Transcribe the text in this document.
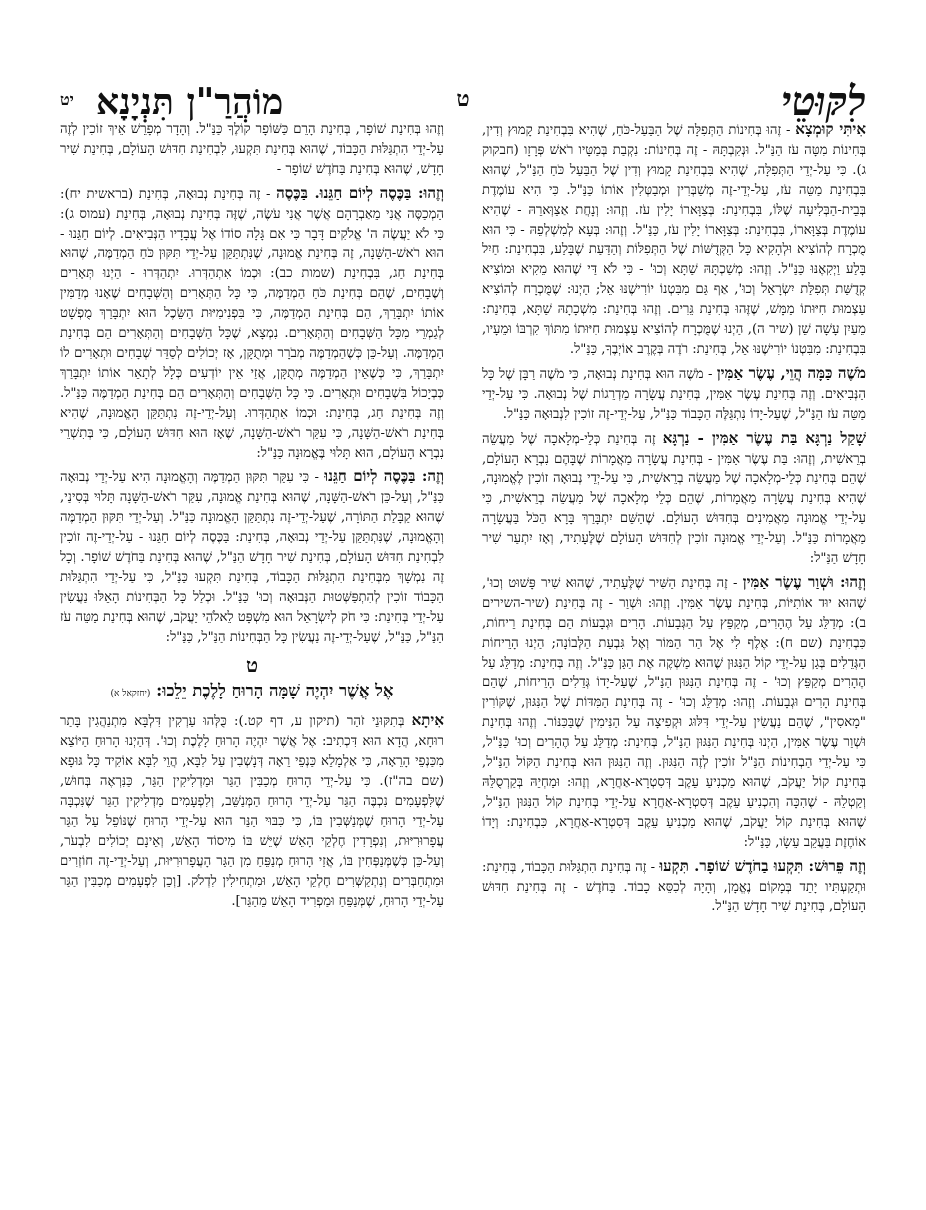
לִקּוּטֵי
ט
מוֹהֲרַ"ן תִּנְיָנָא
יט

אִיתִּי קוּמְצָא - זֶהוּ בְּחִינוֹת הַתְּפִלָּה שֶׁל הַבַּעַל-כֹּחַ, שֶׁהִיא בִּבְחִינַת קָמוּץ וְדִין, בְּחִינוֹת מִטָּה עֹז הַנַּ"ל. וּנְקִבְתָּהּ - זֶה בְּחִינוֹת: נִקְבַת בְּמַטָּיו רֹאשׁ פְּרָזָו (חבקוק ג). כִּי עַל-יְדֵי הַתְּפִלָּה, שֶׁהִיא בִּבְחִינַת קָמוּץ וְדִין שֶׁל הַבַּעַל כֹּחַ הַנַּ"ל, שֶׁהוּא בִּבְחִינַת מַטֵּה עֹז, עַל-יְדֵי-זֶה מְשַׁבְּרִין וּמְבַטְּלִין אוֹתוֹ כַּנַּ"ל. כִּי הִיא עוֹמֶדֶת בְּבֵית-הַבְּלִיעָה שֶׁלּוֹ, בִּבְחִינַת: בְּצַוָּארוֹ יָלִין עֹז. וְזֶהוּ: וְנָחֲת אַצַוְּארֵהּ - שֶׁהִיא עוֹמֶדֶת בְּצַוָּארוֹ, בִּבְחִינַת: בְּצַוָּארוֹ יָלִין עֹז, כַּנַּ"ל. וְזֶהוּ: בְּעָא לְמִשְׁלְפֵהּ - כִּי הוּא מֻכְרָח לְהוֹצִיא וּלְהָקִיא כָּל הַקְּדֻשּׁוֹת שֶׁל הַתְּפִלּוֹת וְהַדַּעַת שֶׁבָּלַע, בִּבְחִינַת: חַיִל בָּלַע וַיְקִאֶנּוּ כַּנַּ"ל. וְזֶהוּ: מְשַׁכְתָּהּ שַׁתָּא וְכוּ' - כִּי לֹא דַּי שֶׁהוּא מֵקִיא וּמוֹצִיא קְדֻשַּׁת תְּפִלַּת יִשְׂרָאֵל וְכוּ', אַף גַּם מִבִּטְנוֹ יוֹרִישֶׁנּוּ אֵל; הַיְנוּ: שֶׁמֻּכְרָח לְהוֹצִיא עַצְמוּת חִיּוּתוֹ מַמָּשׁ, שֶׁזֶּהוּ בְּחִינַת גֵּרִים. וְזֶהוּ בְּחִינַת: מִשְׁכָתָהּ שַׁתָּא, בְּחִינַת: מֵעַיִן עָשָׁה שֵׁן (שיר ה), הַיְנוּ שֶׁמֻּכְרָח לְהוֹצִיא עַצְמוּת חִיּוּתוֹ מִתּוֹךְ קִרְבּוֹ וּמֵעָיו, בִּבְחִינַת: מִבִּטְנוֹ יוֹרִישֶׁנּוּ אֵל, בְּחִינַת: רֹדֶה בְּקֶרֶב אוֹיְבֶךָ, כַּנַּ"ל.

מֹשֶׁה כַּמָּה הֲוֵי, עֶשֶׂר אַמִּין - מֹשֶׁה הוּא בְּחִינַת נְבוּאָה, כִּי מֹשֶׁה רַבָּן שֶׁל כָּל הַנְּבִיאִים. וְזֶה בְּחִינַת עֶשֶׂר אַמִּין, בְּחִינַת עֲשָׂרָה מַדְרֵגוֹת שֶׁל נְבוּאָה. כִּי עַל-יְדֵי מַטֵּה עֹז הַנַּ"ל, שֶׁעַל-יָדוֹ נִתְגַּלֶּה הַכָּבוֹד כַּנַּ"ל, עַל-יְדֵי-זֶה זוֹכִין לִנְבוּאָה כַּנַּ"ל.

שָׁקַל נַרְגָּא בַּת עֶשֶׂר אַמִּין - נַרְגָּא זֶה בְּחִינַת כְּלֵי-מְלָאכָה שֶׁל מַעֲשֵׂה בְרֵאשִׁית, וְזֶהוּ: בַּת עֶשֶׂר אַמִּין - בְּחִינַת עֲשָׂרָה מַאֲמָרוֹת שֶׁבָּהֶם נִבְרָא הָעוֹלָם, שֶׁהֵם בְּחִינַת כְּלֵי-מְלָאכָה שֶׁל מַעֲשֵׂה בְרֵאשִׁית, כִּי עַל-יְדֵי נְבוּאָה זוֹכִין לֶאֱמוּנָה, שֶׁהִיא בְּחִינַת עֲשָׂרָה מַאֲמָרוֹת, שֶׁהֵם כְּלֵי מְלָאכָה שֶׁל מַעֲשֵׂה בְרֵאשִׁית, כִּי עַל-יְדֵי אֱמוּנָה מַאֲמִינִים בְּחִדּוּשׁ הָעוֹלָם. שֶׁהַשֵּׁם יִתְבָּרַךְ בָּרָא הַכֹּל בַּעֲשָׂרָה מַאֲמָרוֹת כַּנַּ"ל. וְעַל-יְדֵי אֱמוּנָה זוֹכִין לְחִדּוּשׁ הָעוֹלָם שֶׁלֶּעָתִיד, וְאָז יִתְעַר שִׁיר חָדָשׁ הַנַּ"ל:

וְזֶהוּ: וּשְׁוַר עֶשֶׂר אַמִּין - זֶה בְּחִינַת הַשִּׁיר שֶׁלֶּעָתִיד, שֶׁהוּא שִׁיר פָּשׁוּט וְכוּ', שֶׁהוּא יוּד אוֹתִיּוֹת, בְּחִינַת עֶשֶׂר אַמִּין. וְזֶהוּ: וּשְׁוַר - זֶה בְּחִינַת (שיר-השירים ב): מְדַלֵּג עַל הֶהָרִים, מְקַפֵּץ עַל הַגְּבָעוֹת. הָרִים וּגְבָעוֹת הֵם בְּחִינַת רֵיחוֹת, כִּבְחִינַת (שם ח): אֶלֶף לִי אֶל הַר הַמּוֹר וְאֶל גִּבְעַת הַלְּבוֹנָה; הַיְנוּ הָרֵיחוֹת הַגְּדֵלִים בְּגַן עַל-יְדֵי קוֹל הַנִּגּוּן שֶׁהוּא מַשְׁקֶה אֶת הַגַּן כַּנַּ"ל. וְזֶה בְּחִינַת: מְדַלֵּג עַל הֶהָרִים מְקַפֵּץ וְכוּ' - זֶה בְּחִינַת הַנִּגּוּן הַנַּ"ל, שֶׁעַל-יָדוֹ גְּדֵלִים הָרֵיחוֹת, שֶׁהֵם בְּחִינַת הָרִים וּגְבָעוֹת. וְזֶהוּ: מְדַלֵּג וְכוּ' - זֶה בְּחִינַת הַמִּדּוֹת שֶׁל הַנִּגּוּן, שֶׁקּוֹרִין "מָאסִין", שֶׁהֵם נַעֲשִׂין עַל-יְדֵי דִּלּוּג וּקְפִיצָה עַל הַנִּימִין שֶׁבַּכִּנּוֹר. וְזֶהוּ בְּחִינַת וּשְׁוַר עֶשֶׂר אַמִּין, הַיְנוּ בְּחִינַת הַנִּגּוּן הַנַּ"ל, בְּחִינַת: מְדַלֵּג עַל הֶהָרִים וְכוּ' כַּנַּ"ל, כִּי עַל-יְדֵי הַבְחִינוֹת הַנַּ"ל זוֹכִין לְזֶה הַנִּגּוּן. וְזֶה הַנִּגּוּן הוּא בְּחִינַת הַקּוֹל הַנַּ"ל, בְּחִינַת קוֹל יַעֲקֹב, שֶׁהוּא מַכְנִיעַ עֵקֶב דְּסִטְרָא-אַחֲרָא, וְזֶהוּ: וּמַחְיֵהּ בְּקַרְסֻלֵּהּ וְקַטְלֵהּ - שֶׁהִכָּה וְהִכְנִיעַ עֵקֶב דְּסִטְרָא-אַחֲרָא עַל-יְדֵי בְּחִינַת קוֹל הַנִּגּוּן הַנַּ"ל, שֶׁהוּא בְּחִינַת קוֹל יַעֲקֹב, שֶׁהוּא מַכְנִיעַ עֵקֶב דְּסִטְרָא-אַחֲרָא, כִּבְחִינַת: וְיָדוֹ אוֹחֶזֶת בַּעֲקֵב עֵשָׂו, כַּנַּ"ל:

וְזֶה פֵּרוּשׁ: תִּקְעוּ בַחֹדֶשׁ שׁוֹפָר. תִּקְעוּ - זֶה בְּחִינַת הִתְגַּלּוּת הַכָּבוֹד, בְּחִינַת: וּתְקַעְתִּיו יָתֵד בְּמָקוֹם נֶאֱמָן, וְהָיָה לְכִסֵּא כָבוֹד. בַּחֹדֶשׁ - זֶה בְּחִינַת חִדּוּשׁ הָעוֹלָם, בְּחִינַת שִׁיר חָדָשׁ הַנַּ"ל.

וְזֶהוּ בְּחִינַת שׁוֹפָר, בְּחִינַת הָרֵם כַּשּׁוֹפָר קוֹלֶךָ כַּנַּ"ל. וְהָדָר מְפָרֵשׁ אֵיךְ זוֹכִין לְזֶה עַל-יְדֵי הִתְגַּלּוּת הַכָּבוֹד, שֶׁהוּא בְּחִינַת תִּקְעוּ, לִבְחִינַת חִדּוּשׁ הָעוֹלָם, בְּחִינַת שִׁיר חָדָשׁ, שֶׁהוּא בְּחִינַת בַּחֹדֶשׁ שׁוֹפָר -

וְזֶהוּ: בַּכֶּסֶה לְיוֹם חַגֵּנוּ. בַּכֶּסֶה - זֶה בְּחִינַת נְבוּאָה, בְּחִינַת (בראשית יח): הַמְכַסֶּה אֲנִי מֵאַבְרָהָם אֲשֶׁר אֲנִי עֹשֶׂה, שֶׁזֶּה בְּחִינַת נְבוּאָה, בְּחִינַת (עמוס ג): כִּי לֹא יַעֲשֶׂה ה' אֱלֹקִים דָּבָר כִּי אִם גָּלָה סוֹדוֹ אֶל עֲבָדָיו הַנְּבִיאִים. לְיוֹם חַגֵּנוּ - הוּא רֹאשׁ-הַשָּׁנָה, זֶה בְּחִינַת אֱמוּנָה, שֶׁנִּתְתַּקֵּן עַל-יְדֵי תִּקּוּן כֹּחַ הַמְדַמֶּה, שֶׁהוּא בְּחִינַת חַג, בִּבְחִינַת (שמות כב): וּכְמוֹ אִתְהַדְּרוּ. יִתְהַדְּרוּ - הַיְנוּ תְּאָרִים וְשֶׁבָחִים, שֶׁהֵם בְּחִינַת כֹּחַ הַמְדַמֶּה, כִּי כָּל הַתְּאָרִים וְהַשְּׁבָחִים שֶׁאָנוּ מְדַמִּין אוֹתוֹ יִתְבָּרַךְ, הֵם בְּחִינַת הַמְדַמֶּה, כִּי בִּפְנִימִיּוּת הַשֵּׂכֶל הוּא יִתְבָּרַךְ מֻפְשָׁט לְגַמְרֵי מִכָּל הַשְּׁבָחִים וְהַתְּאָרִים. נִמְצָא, שֶׁכָּל הַשְּׁבָחִים וְהַתְּאָרִים הֵם בְּחִינַת הַמְדַמֶּה. וְעַל-כֵּן כְּשֶׁהַמְדַמֶּה מְבֹרָר וּמְתֻקָּן, אָז יְכוֹלִים לְסַדֵּר שְׁבָחִים וּתְאָרִים לוֹ יִתְבָּרַךְ, כִּי כְּשֶׁאֵין הַמְדַמֶּה מְתֻקָּן, אֲזַי אֵין יוֹדְעִים כְּלָל לְתָאֵר אוֹתוֹ יִתְבָּרַךְ כְּבְיָכוֹל בִּשְׁבָחִים וּתְאָרִים. כִּי כָּל הַשְּׁבָחִים וְהַתְּאָרִים הֵם בְּחִינַת הַמְדַמֶּה כַּנַּ"ל. וְזֶה בְּחִינַת חַג, בְּחִינַת: וּכְמוֹ אִתְהַדְּרוּ. וְעַל-יְדֵי-זֶה נִתְתַּקֵּן הָאֱמוּנָה, שֶׁהִיא בְּחִינַת רֹאשׁ-הַשָּׁנָה, כִּי עִקַּר רֹאשׁ-הַשָּׁנָה, שֶׁאָז הוּא חִדּוּשׁ הָעוֹלָם, כִּי בְּתִשְׁרֵי נִבְרָא הָעוֹלָם, הוּא תָּלוּי בֶּאֱמוּנָה כַּנַּ"ל:

וְזֶה: בַּכֶּסֶה לְיוֹם חַגֵּנוּ - כִּי עִקַּר תִּקּוּן הַמְדַמֶּה וְהָאֱמוּנָה הִיא עַל-יְדֵי נְבוּאָה כַּנַּ"ל, וְעַל-כֵּן רֹאשׁ-הַשָּׁנָה, שֶׁהוּא בְּחִינַת אֱמוּנָה, עִקַּר רֹאשׁ-הַשָּׁנָה תָּלוּי בְּסִינַי, שֶׁהוּא קַבָּלַת הַתּוֹרָה, שֶׁעַל-יְדֵי-זֶה נִתְתַּקֵּן הָאֱמוּנָה כַּנַּ"ל. וְעַל-יְדֵי תִּקּוּן הַמְדַמֶּה וְהָאֱמוּנָה, שֶׁנִּתְתַּקֵּן עַל-יְדֵי נְבוּאָה, בְּחִינַת: בַּכֶּסֶה לְיוֹם חַגֵּנוּ - עַל-יְדֵי-זֶה זוֹכִין לִבְחִינַת חִדּוּשׁ הָעוֹלָם, בְּחִינַת שִׁיר חָדָשׁ הַנַּ"ל, שֶׁהוּא בְּחִינַת בַּחֹדֶשׁ שׁוֹפָר. וְכָל זֶה נִמְשָׁךְ מִבְּחִינַת הִתְגַּלּוּת הַכָּבוֹד, בְּחִינַת תִּקְעוּ כַּנַּ"ל, כִּי עַל-יְדֵי הִתְגַּלּוּת הַכָּבוֹד זוֹכִין לְהִתְפַּשְּׁטוּת הַנְּבוּאָה וְכוּ' כַּנַּ"ל. וּכְלַל כָּל הַבְּחִינוֹת הָאֵלּוּ נַעֲשִׂין עַל-יְדֵי בְּחִינַת: כִּי חֹק לְיִשְׂרָאֵל הוּא מִשְׁפָּט לֵאלֹהֵי יַעֲקֹב, שֶׁהוּא בְּחִינַת מַטֵּה עֹז הַנַּ"ל, כַּנַּ"ל, שֶׁעַל-יְדֵי-זֶה נַעֲשִׂין כָּל הַבְּחִינוֹת הַנַּ"ל, כַּנַּ"ל:

ט
אֶל אֲשֶׁר יִהְיֶה שָׁמָּה הָרוּחַ לָלֶכֶת יֵלֵכוּ: (יחזקאל א)

אִיתָא בְּתִקּוּנֵי זֹהַר (תיקון ע, דף קט.): כֻּלְּהוּ עַרְקִין דִּלְבָּא מִתְנַהֲגִין בָּתַר רוּחָא, הֲדָא הוּא דִּכְתִיב: אֶל אֲשֶׁר יִהְיֶה הָרוּחַ לָלֶכֶת וְכוּ'. דְּהַיְנוּ הָרוּחַ הַיּוֹצֵא מִכַּנְפֵי הָרֵאָה, כִּי אַלְמָלֵא כַּנְפֵי רֵאָה דְּנָשְׁבִין עַל לִבָּא, הֲוֵי לִבָּא אוֹקִיד כָּל גּוּפָא (שם בה"ז). כִּי עַל-יְדֵי הָרוּחַ מְכַבִּין הַגַּר וּמַדְלִיקִין הַגַּר, כַּנִּרְאֶה בְּחוּשׁ, שֶׁלִּפְעָמִים נִכְבֶּה הַגַּר עַל-יְדֵי הָרוּחַ הַמְּנַשֵּׁב, וְלִפְעָמִים מַדְלִיקִין הַגַּר שֶׁנִּכְבָּה עַל-יְדֵי הָרוּחַ שֶׁמְּנַשְּׁבִין בּוֹ, כִּי כִּבּוּי הַנֵּר הוּא עַל-יְדֵי הָרוּחַ שֶׁנּוֹפֵל עַל הַגַּר עֲפָרוּרִיּוּת, וְנִפְרָדִין חֶלְקֵי הָאֵשׁ שֶׁיֵּשׁ בּוֹ מִיסוֹד הָאֵשׁ, וְאֵינָם יְכוֹלִים לִבְעֹר, וְעַל-כֵּן כְּשֶׁמְּנַפְּחִין בּוֹ, אֲזַי הָרוּחַ מְנַפֵּחַ מִן הַגַּר הָעֲפָרוּרִיּוּת, וְעַל-יְדֵי-זֶה חוֹזְרִים וּמִתְחַבְּרִים וְנִתְקַשְּׁרִים חֶלְקֵי הָאֵשׁ, וּמִתְחִילִין לִדְלֹק. [וְכֵן לִפְעָמִים מְכַבִּין הַגַּר עַל-יְדֵי הָרוּחַ, שֶׁמְּנַפֵּחַ וּמַפְרִיד הָאֵשׁ מֵהַגַּר].
